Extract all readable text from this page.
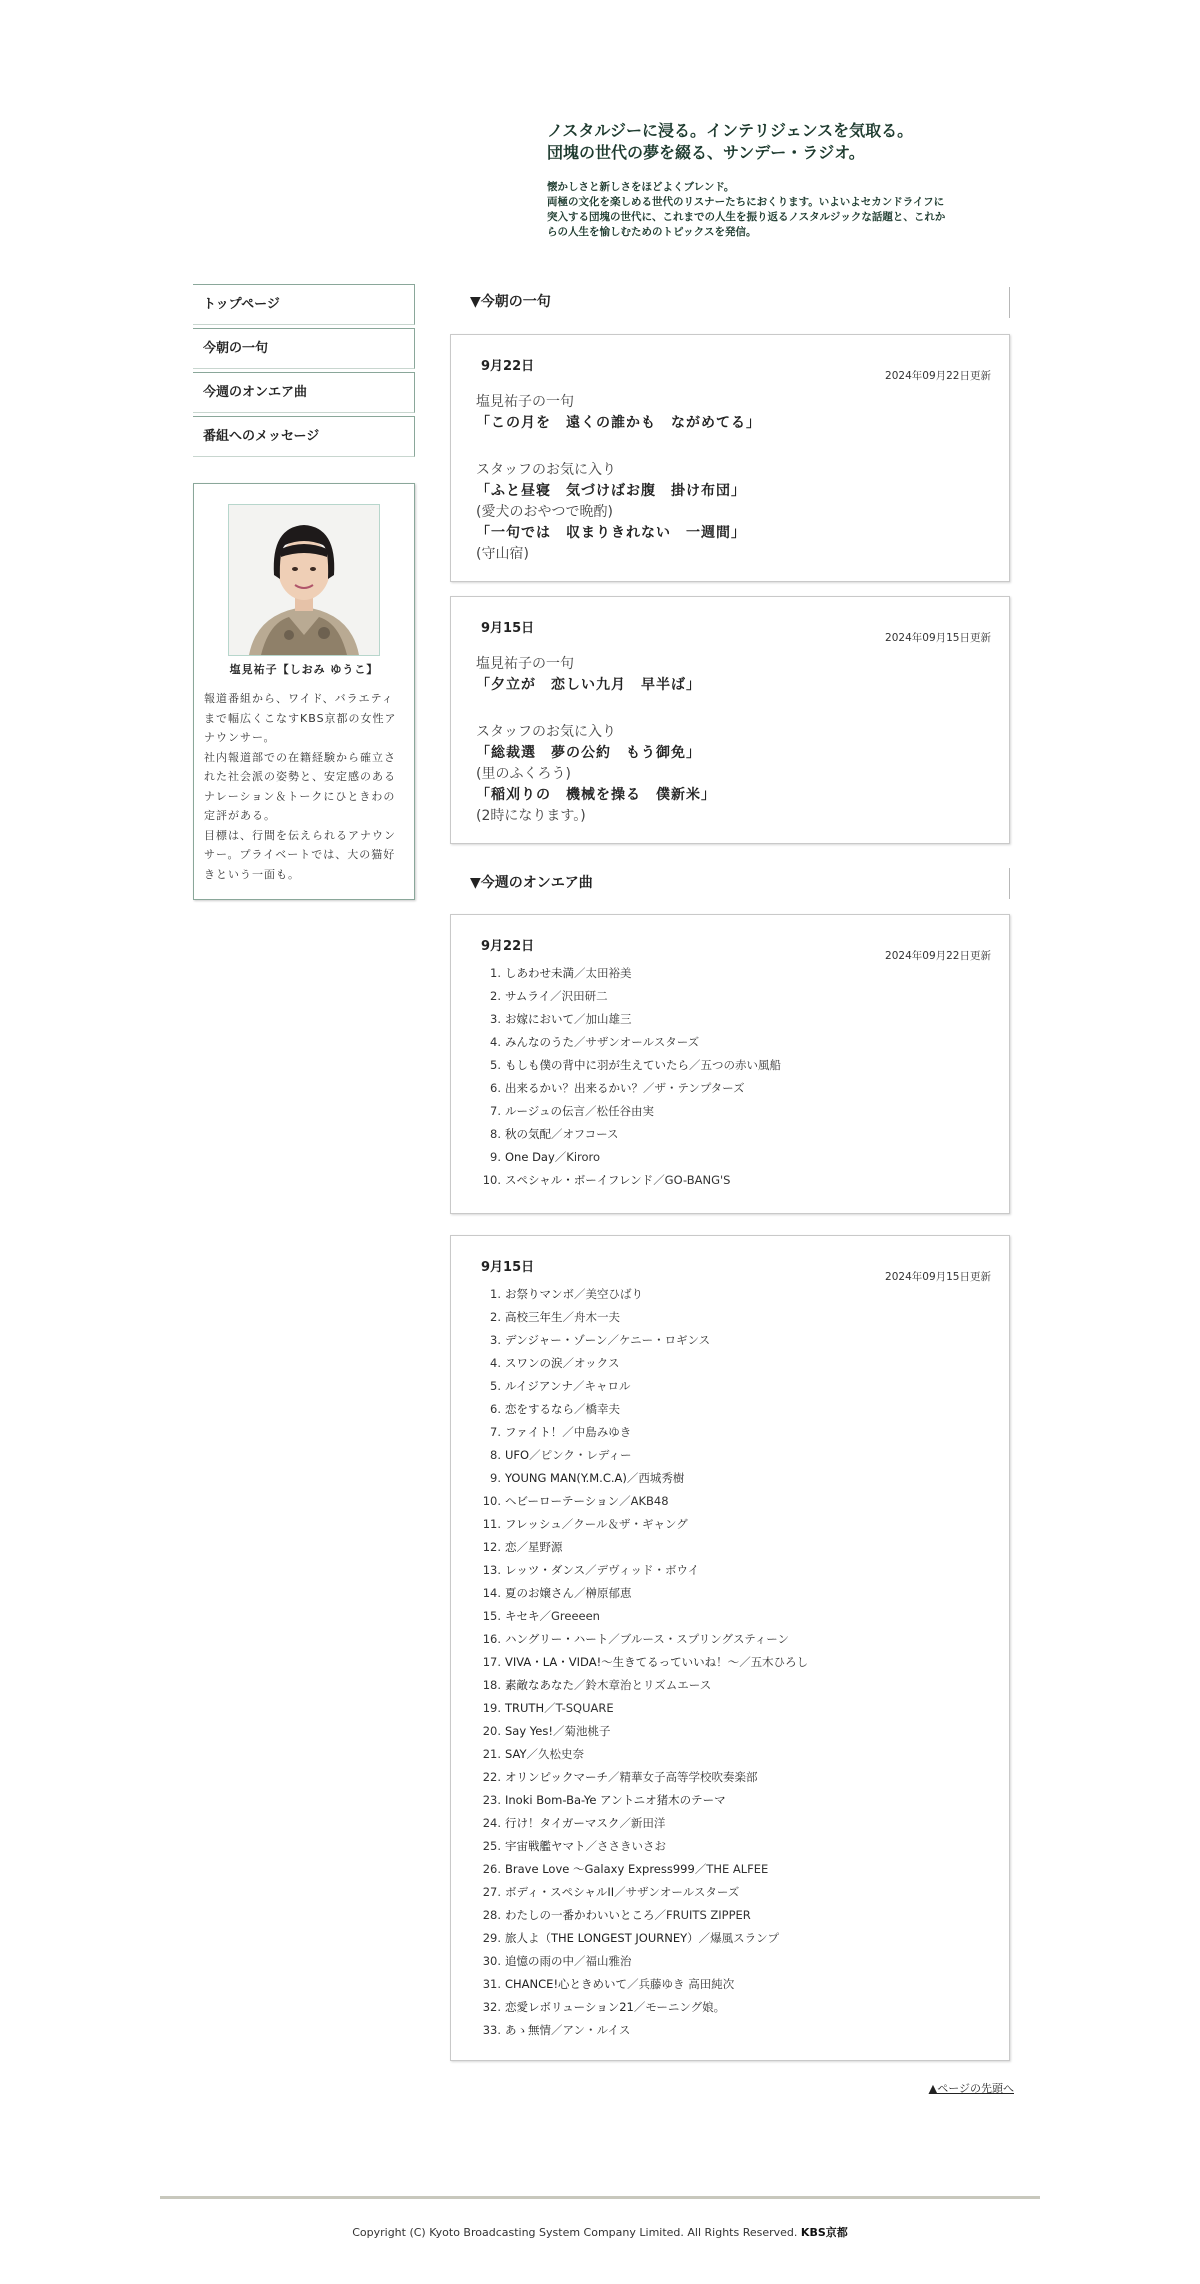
ノスタルジーに浸る。インテリジェンスを気取る。
団塊の世代の夢を綴る、サンデー・ラジオ。

懐かしさと新しさをほどよくブレンド。
両極の文化を楽しめる世代のリスナーたちにおくります。いよいよセカンドライフに
突入する団塊の世代に、これまでの人生を振り返るノスタルジックな話題と、これか
らの人生を愉しむためのトピックスを発信。

トップページ
今朝の一句
今週のオンエア曲
番組へのメッセージ
塩見祐子【しおみ ゆうこ】

報道番組から、ワイド、バラエティまで幅広くこなすKBS京都の女性アナウンサー。

社内報道部での在籍経験から確立された社会派の姿勢と、安定感のあるナレーション＆トークにひときわの定評がある。

目標は、行間を伝えられるアナウンサー。プライベートでは、大の猫好きという一面も。

▼今朝の一句
9月22日
2024年09月22日更新
塩見祐子の一句
「この月を　遠くの誰かも　ながめてる」
スタッフのお気に入り
「ふと昼寝　気づけばお腹　掛け布団」
(愛犬のおやつで晩酌)
「一句では　収まりきれない　一週間」
(守山宿)
9月15日
2024年09月15日更新
塩見祐子の一句
「夕立が　恋しい九月　早半ば」
スタッフのお気に入り
「総裁選　夢の公約　もう御免」
(里のふくろう)
「稲刈りの　機械を操る　僕新米」
(2時になります。)
▼今週のオンエア曲
9月22日
2024年09月22日更新
1. しあわせ未満／太田裕美
2. サムライ／沢田研二
3. お嫁において／加山雄三
4. みんなのうた／サザンオールスターズ
5. もしも僕の背中に羽が生えていたら／五つの赤い風船
6. 出来るかい？出来るかい？／ザ・テンプターズ
7. ルージュの伝言／松任谷由実
8. 秋の気配／オフコース
9. One Day／Kiroro
10. スペシャル・ボーイフレンド／GO-BANG'S
9月15日
2024年09月15日更新
1. お祭りマンボ／美空ひばり
2. 高校三年生／舟木一夫
3. デンジャー・ゾーン／ケニー・ロギンス
4. スワンの涙／オックス
5. ルイジアンナ／キャロル
6. 恋をするなら／橋幸夫
7. ファイト！／中島みゆき
8. UFO／ピンク・レディー
9. YOUNG MAN(Y.M.C.A)／西城秀樹
10. ヘビーローテーション／AKB48
11. フレッシュ／クール＆ザ・ギャング
12. 恋／星野源
13. レッツ・ダンス／デヴィッド・ボウイ
14. 夏のお嬢さん／榊原郁恵
15. キセキ／Greeeen
16. ハングリー・ハート／ブルース・スプリングスティーン
17. VIVA・LA・VIDA!〜生きてるっていいね！〜／五木ひろし
18. 素敵なあなた／鈴木章治とリズムエース
19. TRUTH／T-SQUARE
20. Say Yes!／菊池桃子
21. SAY／久松史奈
22. オリンピックマーチ／精華女子高等学校吹奏楽部
23. Inoki Bom-Ba-Ye アントニオ猪木のテーマ
24. 行け！タイガーマスク／新田洋
25. 宇宙戦艦ヤマト／ささきいさお
26. Brave Love 〜Galaxy Express999／THE ALFEE
27. ボディ・スペシャルII／サザンオールスターズ
28. わたしの一番かわいいところ／FRUITS ZIPPER
29. 旅人よ（THE LONGEST JOURNEY）／爆風スランプ
30. 追憶の雨の中／福山雅治
31. CHANCE!心ときめいて／兵藤ゆき 高田純次
32. 恋愛レボリューション21／モーニング娘。
33. あゝ無情／アン・ルイス
▲ページの先頭へ
Copyright (C) Kyoto Broadcasting System Company Limited. All Rights Reserved. KBS京都
